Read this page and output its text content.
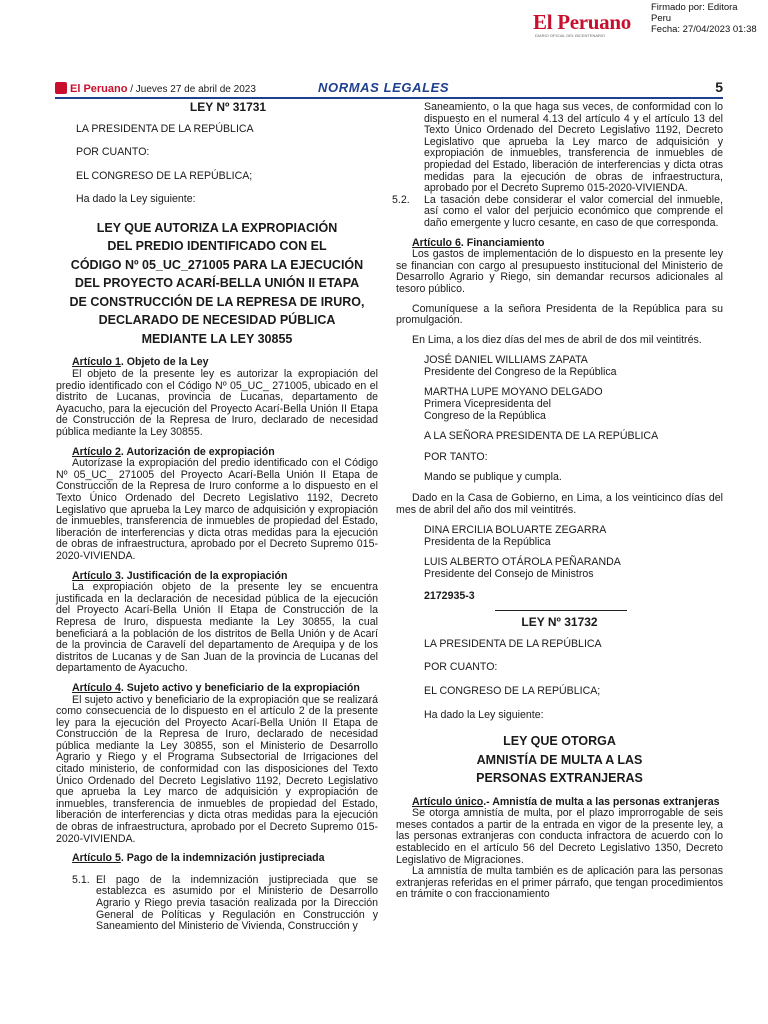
El Peruano
DIARIO OFICIAL DEL BICENTENARIO
Firmado por: Editora
Peru
Fecha: 27/04/2023 01:38
El Peruano / Jueves 27 de abril de 2023	NORMAS LEGALES	5

LEY Nº 31731

LA PRESIDENTA DE LA REPÚBLICA

POR CUANTO:

EL CONGRESO DE LA REPÚBLICA;

Ha dado la Ley siguiente:

LEY QUE AUTORIZA LA EXPROPIACIÓN

DEL PREDIO IDENTIFICADO CON EL

CÓDIGO Nº 05_UC_271005 PARA LA EJECUCIÓN

DEL PROYECTO ACARÍ-BELLA UNIÓN II ETAPA

DE CONSTRUCCIÓN DE LA REPRESA DE IRURO,

DECLARADO DE NECESIDAD PÚBLICA

MEDIANTE LA LEY 30855

Artículo 1. Objeto de la Ley

El objeto de la presente ley es autorizar la expropiación del predio identificado con el Código Nº 05_UC_ 271005, ubicado en el distrito de Lucanas, provincia de Lucanas, departamento de Ayacucho, para la ejecución del Proyecto Acarí-Bella Unión II Etapa de Construcción de la Represa de Iruro, declarado de necesidad pública mediante la Ley 30855.

Artículo 2. Autorización de expropiación

Autorízase la expropiación del predio identificado con el Código Nº 05_UC_ 271005 del Proyecto Acarí-Bella Unión II Etapa de Construcción de la Represa de Iruro conforme a lo dispuesto en el Texto Único Ordenado del Decreto Legislativo 1192, Decreto Legislativo que aprueba la Ley marco de adquisición y expropiación de inmuebles, transferencia de inmuebles de propiedad del Estado, liberación de interferencias y dicta otras medidas para la ejecución de obras de infraestructura, aprobado por el Decreto Supremo 015-2020-VIVIENDA.

Artículo 3. Justificación de la expropiación

La expropiación objeto de la presente ley se encuentra justificada en la declaración de necesidad pública de la ejecución del Proyecto Acarí-Bella Unión II Etapa de Construcción de la Represa de Iruro, dispuesta mediante la Ley 30855, la cual beneficiará a la población de los distritos de Bella Unión y de Acarí de la provincia de Caravelí del departamento de Arequipa y de los distritos de Lucanas y de San Juan de la provincia de Lucanas del departamento de Ayacucho.

Artículo 4. Sujeto activo y beneficiario de la expropiación

El sujeto activo y beneficiario de la expropiación que se realizará como consecuencia de lo dispuesto en el artículo 2 de la presente ley para la ejecución del Proyecto Acarí-Bella Unión II Etapa de Construcción de la Represa de Iruro, declarado de necesidad pública mediante la Ley 30855, son el Ministerio de Desarrollo Agrario y Riego y el Programa Subsectorial de Irrigaciones del citado ministerio, de conformidad con las disposiciones del Texto Único Ordenado del Decreto Legislativo 1192, Decreto Legislativo que aprueba la Ley marco de adquisición y expropiación de inmuebles, transferencia de inmuebles de propiedad del Estado, liberación de interferencias y dicta otras medidas para la ejecución de obras de infraestructura, aprobado por el Decreto Supremo 015-2020-VIVIENDA.

Artículo 5. Pago de la indemnización justipreciada

5.1. El pago de la indemnización justipreciada que se establezca es asumido por el Ministerio de Desarrollo Agrario y Riego previa tasación realizada por la Dirección General de Políticas y Regulación en Construcción y Saneamiento del Ministerio de Vivienda, Construcción y

Saneamiento, o la que haga sus veces, de conformidad con lo dispuesto en el numeral 4.13 del artículo 4 y el artículo 13 del Texto Único Ordenado del Decreto Legislativo 1192, Decreto Legislativo que aprueba la Ley marco de adquisición y expropiación de inmuebles, transferencia de inmuebles de propiedad del Estado, liberación de interferencias y dicta otras medidas para la ejecución de obras de infraestructura, aprobado por el Decreto Supremo 015-2020-VIVIENDA.

5.2.	La tasación debe considerar el valor comercial del inmueble, así como el valor del perjuicio económico que comprende el daño emergente y lucro cesante, en caso de que corresponda.

Artículo 6. Financiamiento

Los gastos de implementación de lo dispuesto en la presente ley se financian con cargo al presupuesto institucional del Ministerio de Desarrollo Agrario y Riego, sin demandar recursos adicionales al tesoro público.

Comuníquese a la señora Presidenta de la República para su promulgación.

En Lima, a los diez días del mes de abril de dos mil veintitrés.

JOSÉ DANIEL WILLIAMS ZAPATA

Presidente del Congreso de la República

MARTHA LUPE MOYANO DELGADO

Primera Vicepresidenta del

Congreso de la República

A LA SEÑORA PRESIDENTA DE LA REPÚBLICA

POR TANTO:

Mando se publique y cumpla.

Dado en la Casa de Gobierno, en Lima, a los veinticinco días del mes de abril del año dos mil veintitrés.

DINA ERCILIA BOLUARTE ZEGARRA

Presidenta de la República

LUIS ALBERTO OTÁROLA PEÑARANDA

Presidente del Consejo de Ministros

2172935-3

LEY Nº 31732

LA PRESIDENTA DE LA REPÚBLICA

POR CUANTO:

EL CONGRESO DE LA REPÚBLICA;

Ha dado la Ley siguiente:

LEY QUE OTORGA

AMNISTÍA DE MULTA A LAS

PERSONAS EXTRANJERAS

Artículo único.- Amnistía de multa a las personas extranjeras

Se otorga amnistía de multa, por el plazo improrrogable de seis meses contados a partir de la entrada en vigor de la presente ley, a las personas extranjeras con conducta infractora de acuerdo con lo establecido en el artículo 56 del Decreto Legislativo 1350, Decreto Legislativo de Migraciones.

La amnistía de multa también es de aplicación para las personas extranjeras referidas en el primer párrafo, que tengan procedimientos en trámite o con fraccionamiento
